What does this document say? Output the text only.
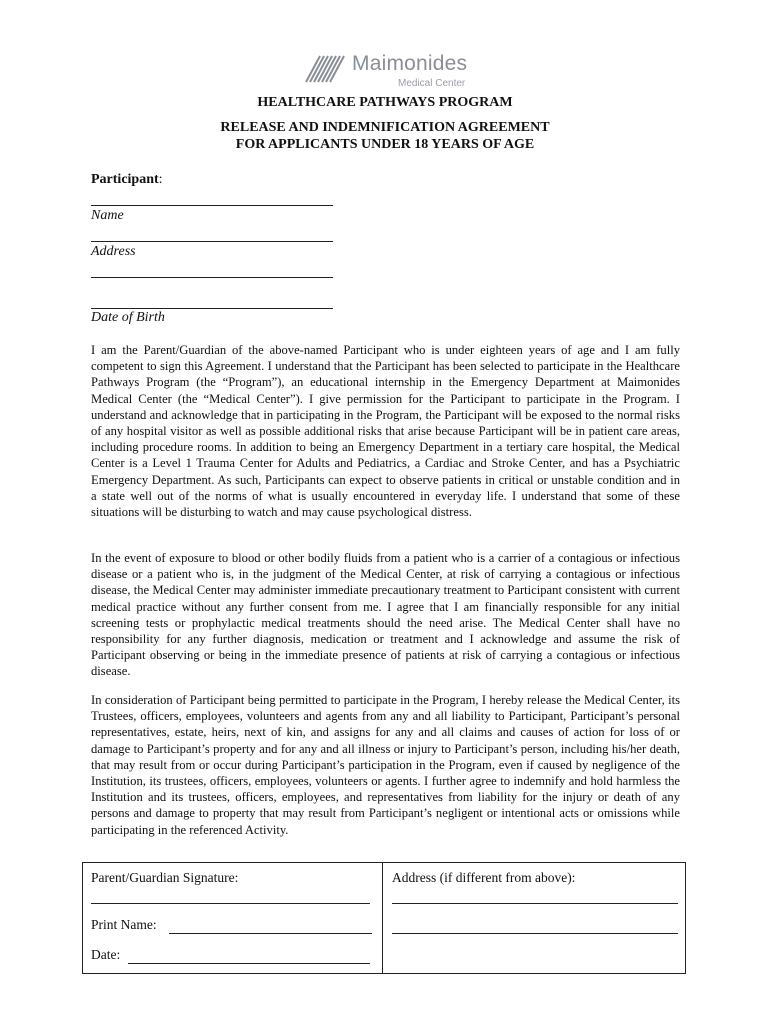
Maimonides
Medical Center
HEALTHCARE PATHWAYS PROGRAM
RELEASE AND INDEMNIFICATION AGREEMENT
FOR APPLICANTS UNDER 18 YEARS OF AGE
Participant:
Name
Address
Date of Birth

I am the Parent/Guardian of the above-named Participant who is under eighteen years of age and I am fully competent to sign this Agreement. I understand that the Participant has been selected to participate in the Healthcare Pathways Program (the “Program”), an educational internship in the Emergency Department at Maimonides Medical Center (the “Medical Center”). I give permission for the Participant to participate in the Program. I understand and acknowledge that in participating in the Program, the Participant will be exposed to the normal risks of any hospital visitor as well as possible additional risks that arise because Participant will be in patient care areas, including procedure rooms. In addition to being an Emergency Department in a tertiary care hospital, the Medical Center is a Level 1 Trauma Center for Adults and Pediatrics, a Cardiac and Stroke Center, and has a Psychiatric Emergency Department. As such, Participants can expect to observe patients in critical or unstable condition and in a state well out of the norms of what is usually encountered in everyday life. I understand that some of these situations will be disturbing to watch and may cause psychological distress.

In the event of exposure to blood or other bodily fluids from a patient who is a carrier of a contagious or infectious disease or a patient who is, in the judgment of the Medical Center, at risk of carrying a contagious or infectious disease, the Medical Center may administer immediate precautionary treatment to Participant consistent with current medical practice without any further consent from me. I agree that I am financially responsible for any initial screening tests or prophylactic medical treatments should the need arise. The Medical Center shall have no responsibility for any further diagnosis, medication or treatment and I acknowledge and assume the risk of Participant observing or being in the immediate presence of patients at risk of carrying a contagious or infectious disease.

In consideration of Participant being permitted to participate in the Program, I hereby release the Medical Center, its Trustees, officers, employees, volunteers and agents from any and all liability to Participant, Participant’s personal representatives, estate, heirs, next of kin, and assigns for any and all claims and causes of action for loss of or damage to Participant’s property and for any and all illness or injury to Participant’s person, including his/her death, that may result from or occur during Participant’s participation in the Program, even if caused by negligence of the Institution, its trustees, officers, employees, volunteers or agents. I further agree to indemnify and hold harmless the Institution and its trustees, officers, employees, and representatives from liability for the injury or death of any persons and damage to property that may result from Participant’s negligent or intentional acts or omissions while participating in the referenced Activity.

Parent/Guardian Signature:
Print Name:
Date:
Address (if different from above):
